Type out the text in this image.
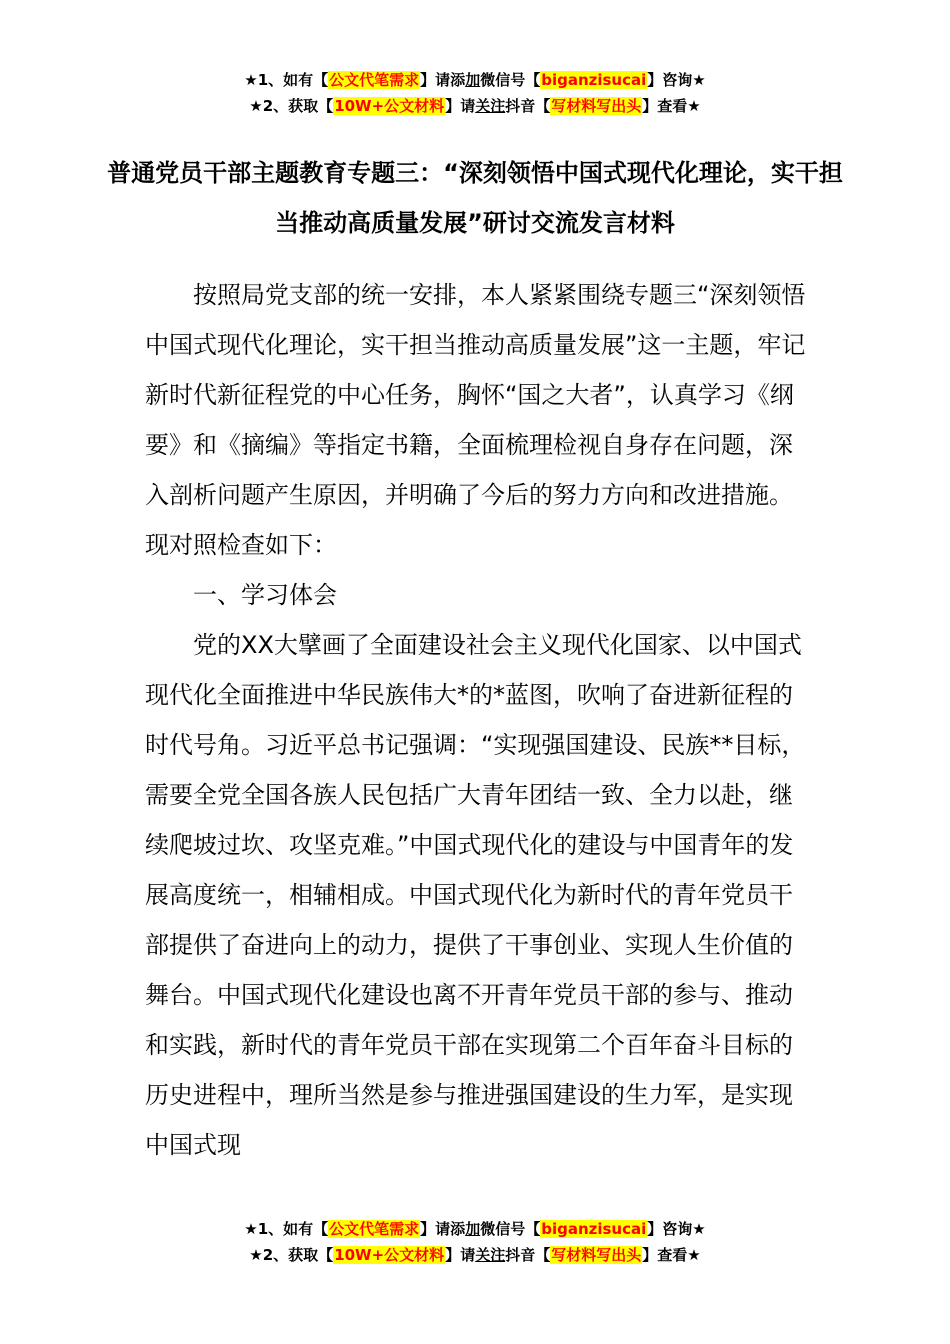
★1、如有【公文代笔需求】请添加微信号【biganzisucai】咨询★
★2、获取【10W+公文材料】请关注抖音【写材料写出头】查看★
普通党员干部主题教育专题三：“深刻领悟中国式现代化理论，实干担当推动高质量发展”研讨交流发言材料

按照局党支部的统一安排，本人紧紧围绕专题三“深刻领悟中国式现代化理论，实干担当推动高质量发展”这一主题，牢记新时代新征程党的中心任务，胸怀“国之大者”，认真学习《纲要》和《摘编》等指定书籍，全面梳理检视自身存在问题，深入剖析问题产生原因，并明确了今后的努力方向和改进措施。现对照检查如下：

一、学习体会

党的XX大擘画了全面建设社会主义现代化国家、以中国式现代化全面推进中华民族伟大*的*蓝图，吹响了奋进新征程的时代号角。习近平总书记强调：“实现强国建设、民族**目标，需要全党全国各族人民包括广大青年团结一致、全力以赴，继续爬坡过坎、攻坚克难。”中国式现代化的建设与中国青年的发展高度统一，相辅相成。中国式现代化为新时代的青年党员干部提供了奋进向上的动力，提供了干事创业、实现人生价值的舞台。中国式现代化建设也离不开青年党员干部的参与、推动和实践，新时代的青年党员干部在实现第二个百年奋斗目标的历史进程中，理所当然是参与推进强国建设的生力军，是实现中国式现

★1、如有【公文代笔需求】请添加微信号【biganzisucai】咨询★
★2、获取【10W+公文材料】请关注抖音【写材料写出头】查看★
